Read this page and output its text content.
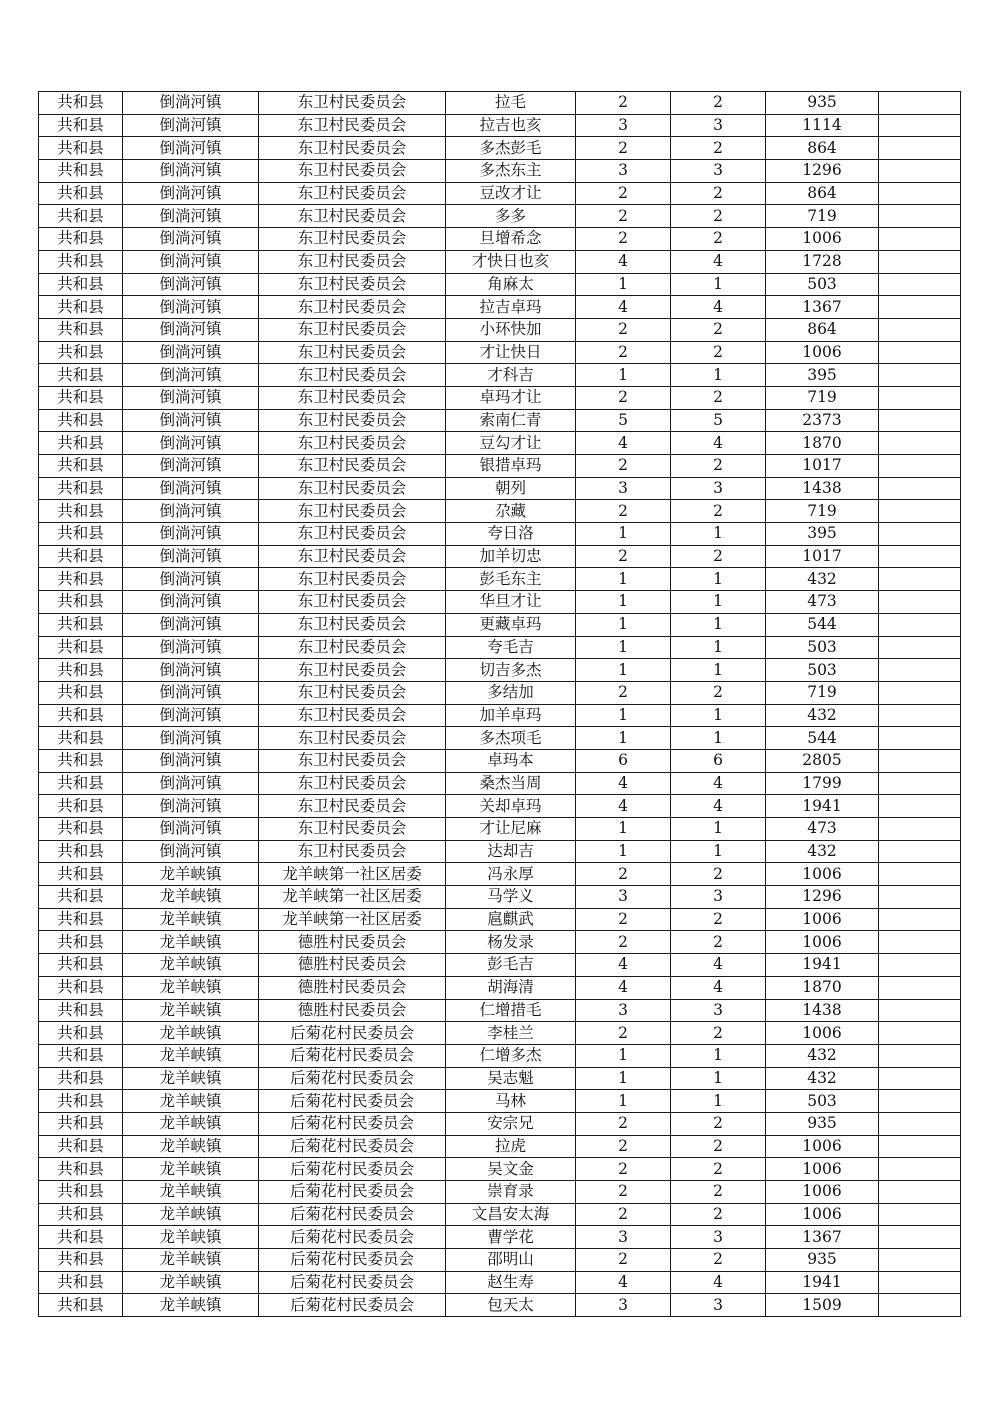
共和县	倒淌河镇	东卫村民委员会	拉毛	2	2	935	
共和县	倒淌河镇	东卫村民委员会	拉吉也亥	3	3	1114	
共和县	倒淌河镇	东卫村民委员会	多杰彭毛	2	2	864	
共和县	倒淌河镇	东卫村民委员会	多杰东主	3	3	1296	
共和县	倒淌河镇	东卫村民委员会	豆改才让	2	2	864	
共和县	倒淌河镇	东卫村民委员会	多多	2	2	719	
共和县	倒淌河镇	东卫村民委员会	旦增希念	2	2	1006	
共和县	倒淌河镇	东卫村民委员会	才快日也亥	4	4	1728	
共和县	倒淌河镇	东卫村民委员会	角麻太	1	1	503	
共和县	倒淌河镇	东卫村民委员会	拉吉卓玛	4	4	1367	
共和县	倒淌河镇	东卫村民委员会	小环快加	2	2	864	
共和县	倒淌河镇	东卫村民委员会	才让快日	2	2	1006	
共和县	倒淌河镇	东卫村民委员会	才科吉	1	1	395	
共和县	倒淌河镇	东卫村民委员会	卓玛才让	2	2	719	
共和县	倒淌河镇	东卫村民委员会	索南仁青	5	5	2373	
共和县	倒淌河镇	东卫村民委员会	豆勾才让	4	4	1870	
共和县	倒淌河镇	东卫村民委员会	银措卓玛	2	2	1017	
共和县	倒淌河镇	东卫村民委员会	朝列	3	3	1438	
共和县	倒淌河镇	东卫村民委员会	尕藏	2	2	719	
共和县	倒淌河镇	东卫村民委员会	夸日洛	1	1	395	
共和县	倒淌河镇	东卫村民委员会	加羊切忠	2	2	1017	
共和县	倒淌河镇	东卫村民委员会	彭毛东主	1	1	432	
共和县	倒淌河镇	东卫村民委员会	华旦才让	1	1	473	
共和县	倒淌河镇	东卫村民委员会	更藏卓玛	1	1	544	
共和县	倒淌河镇	东卫村民委员会	夸毛吉	1	1	503	
共和县	倒淌河镇	东卫村民委员会	切吉多杰	1	1	503	
共和县	倒淌河镇	东卫村民委员会	多结加	2	2	719	
共和县	倒淌河镇	东卫村民委员会	加羊卓玛	1	1	432	
共和县	倒淌河镇	东卫村民委员会	多杰项毛	1	1	544	
共和县	倒淌河镇	东卫村民委员会	卓玛本	6	6	2805	
共和县	倒淌河镇	东卫村民委员会	桑杰当周	4	4	1799	
共和县	倒淌河镇	东卫村民委员会	关却卓玛	4	4	1941	
共和县	倒淌河镇	东卫村民委员会	才让尼麻	1	1	473	
共和县	倒淌河镇	东卫村民委员会	达却吉	1	1	432	
共和县	龙羊峡镇	龙羊峡第一社区居委	冯永厚	2	2	1006	
共和县	龙羊峡镇	龙羊峡第一社区居委	马学义	3	3	1296	
共和县	龙羊峡镇	龙羊峡第一社区居委	扈麒武	2	2	1006	
共和县	龙羊峡镇	德胜村民委员会	杨发录	2	2	1006	
共和县	龙羊峡镇	德胜村民委员会	彭毛吉	4	4	1941	
共和县	龙羊峡镇	德胜村民委员会	胡海清	4	4	1870	
共和县	龙羊峡镇	德胜村民委员会	仁增措毛	3	3	1438	
共和县	龙羊峡镇	后菊花村民委员会	李桂兰	2	2	1006	
共和县	龙羊峡镇	后菊花村民委员会	仁增多杰	1	1	432	
共和县	龙羊峡镇	后菊花村民委员会	吴志魁	1	1	432	
共和县	龙羊峡镇	后菊花村民委员会	马林	1	1	503	
共和县	龙羊峡镇	后菊花村民委员会	安宗兄	2	2	935	
共和县	龙羊峡镇	后菊花村民委员会	拉虎	2	2	1006	
共和县	龙羊峡镇	后菊花村民委员会	吴文金	2	2	1006	
共和县	龙羊峡镇	后菊花村民委员会	崇育录	2	2	1006	
共和县	龙羊峡镇	后菊花村民委员会	文昌安太海	2	2	1006	
共和县	龙羊峡镇	后菊花村民委员会	曹学花	3	3	1367	
共和县	龙羊峡镇	后菊花村民委员会	邵明山	2	2	935	
共和县	龙羊峡镇	后菊花村民委员会	赵生寿	4	4	1941	
共和县	龙羊峡镇	后菊花村民委员会	包天太	3	3	1509	
